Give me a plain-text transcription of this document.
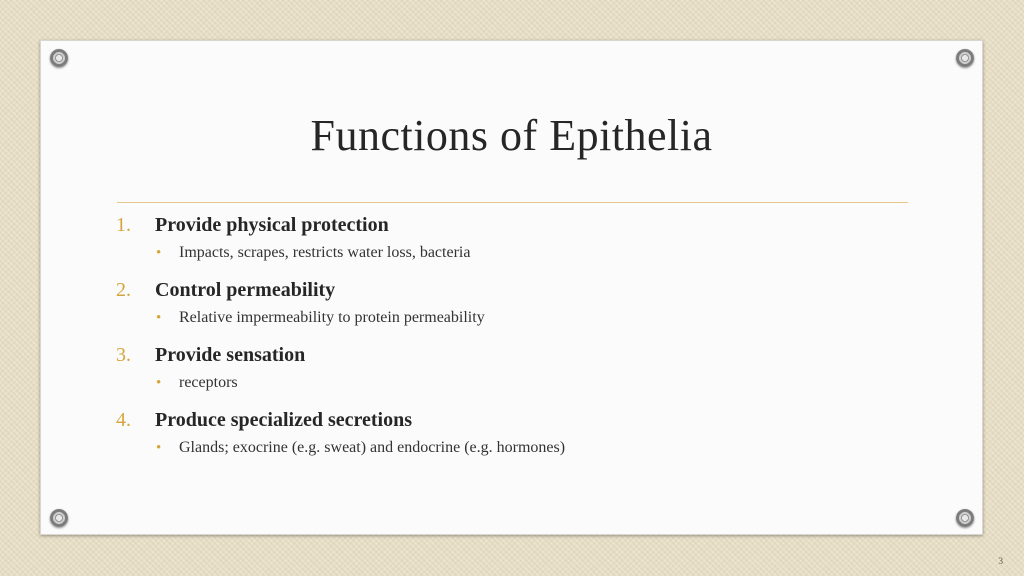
Functions of Epithelia
1.	Provide physical protection
•	Impacts, scrapes, restricts water loss, bacteria
2.	Control permeability
•	Relative impermeability to protein permeability
3.	Provide sensation
•	receptors
4.	Produce specialized secretions
•	Glands; exocrine (e.g. sweat) and endocrine (e.g. hormones)
3
